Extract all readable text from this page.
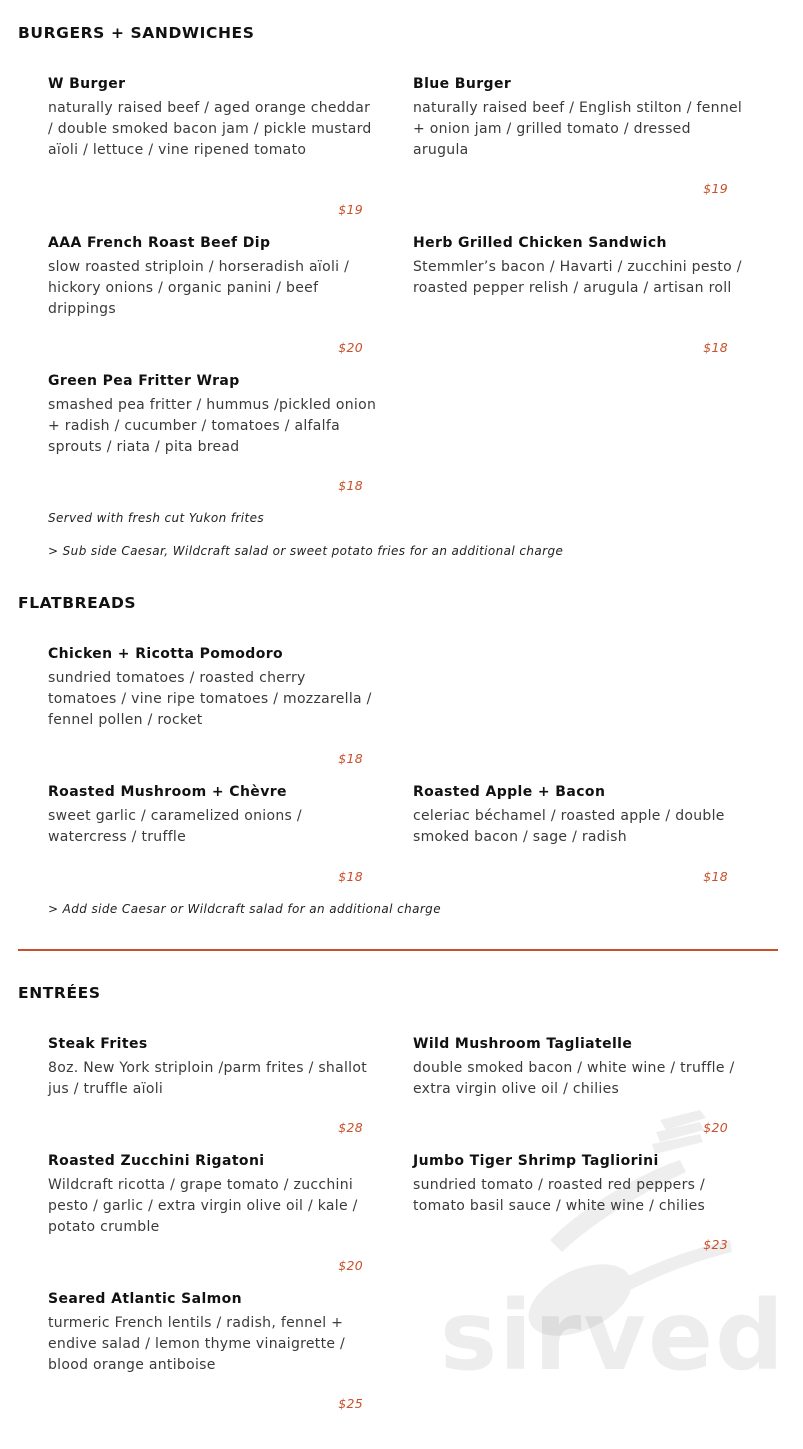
BURGERS + SANDWICHES
W Burger
naturally raised beef / aged orange cheddar / double smoked bacon jam / pickle mustard aïoli / lettuce / vine ripened tomato
$19
Blue Burger
naturally raised beef / English stilton / fennel + onion jam / grilled tomato / dressed arugula
$19
AAA French Roast Beef Dip
slow roasted striploin / horseradish aïoli / hickory onions / organic panini / beef drippings
$20
Herb Grilled Chicken Sandwich
Stemmler’s bacon / Havarti / zucchini pesto / roasted pepper relish / arugula / artisan roll
$18
Green Pea Fritter Wrap
smashed pea fritter / hummus /pickled onion + radish / cucumber / tomatoes / alfalfa sprouts / riata / pita bread
$18
Served with fresh cut Yukon frites
> Sub side Caesar, Wildcraft salad or sweet potato fries for an additional charge
FLATBREADS
Chicken + Ricotta Pomodoro
sundried tomatoes / roasted cherry tomatoes / vine ripe tomatoes / mozzarella / fennel pollen / rocket
$18
Roasted Mushroom + Chèvre
sweet garlic / caramelized onions / watercress / truffle
$18
Roasted Apple + Bacon
celeriac béchamel / roasted apple / double smoked bacon / sage / radish
$18
> Add side Caesar or Wildcraft salad for an additional charge
ENTRÉES
sirved
Steak Frites
8oz. New York striploin /parm frites / shallot jus / truffle aïoli
$28
Wild Mushroom Tagliatelle
double smoked bacon / white wine / truffle / extra virgin olive oil / chilies
$20
Roasted Zucchini Rigatoni
Wildcraft ricotta / grape tomato / zucchini pesto / garlic / extra virgin olive oil / kale / potato crumble
$20
Jumbo Tiger Shrimp Tagliorini
sundried tomato / roasted red peppers / tomato basil sauce / white wine / chilies
$23
Seared Atlantic Salmon
turmeric French lentils / radish, fennel + endive salad / lemon thyme vinaigrette / blood orange antiboise
$25
